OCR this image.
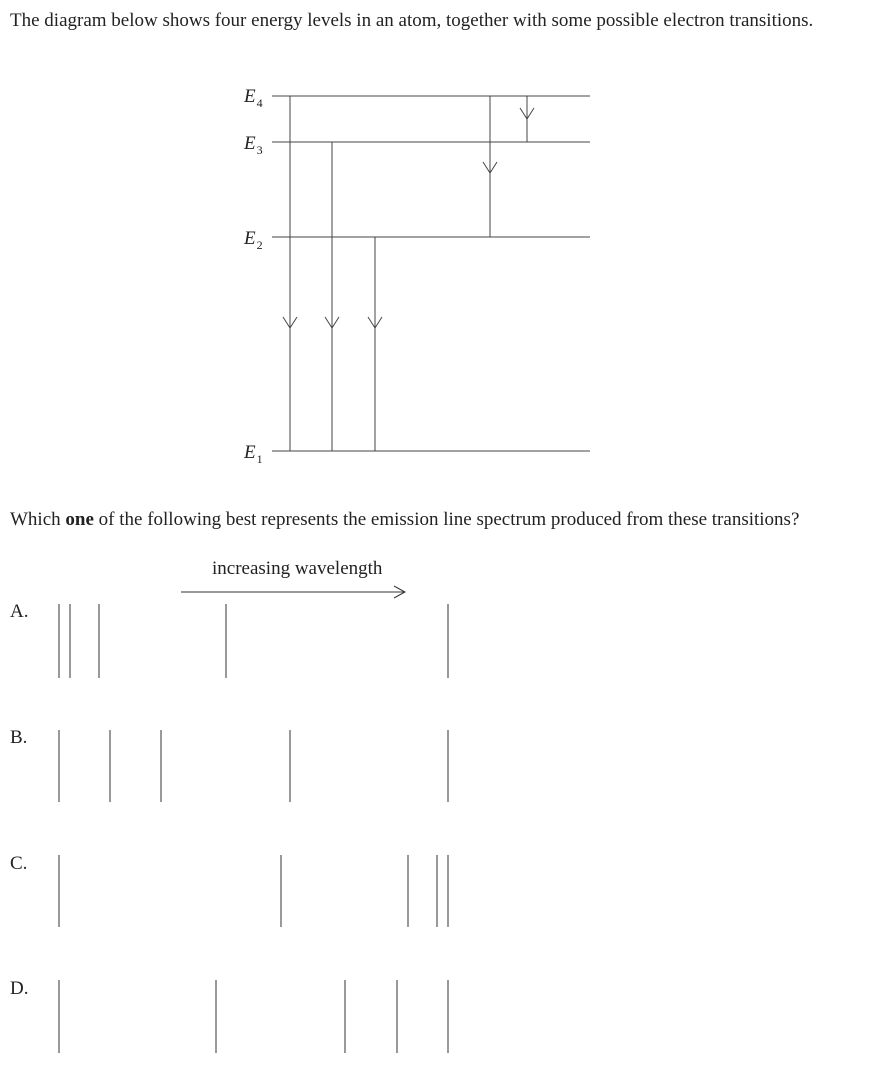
The diagram below shows four energy levels in an atom, together with some possible electron transitions.

$E_4$
$E_3$
$E_2$
$E_1$

Which one of the following best represents the emission line spectrum produced from these transitions?

increasing wavelength
A.
B.
C.
D.
